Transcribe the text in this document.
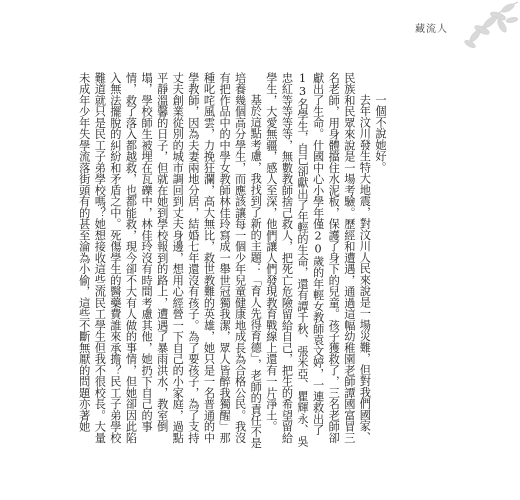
藏流人

一個不說她好。

去年汶川發生特大地震，對汶川人民來說是一場災難，但對我們國家、民族和民眾來說是一場考驗。歷經和遭遇，通過這幅幼稚園老師譚國富冒三名老師，用身體擋住水泥板，保護了身下的兒童。孩子獲救了，三名老師卻獻出了生命。什國中心小學年僅20歲的年輕女教師袁文婷，一連救出了13名學生，自己卻獻出了年輕的生命，還有譚千秋、張米亞、瞿輝永、吳忠紅等等等等，無數教師捨己救人，把死亡危險留給自己，把生的希望留給學生，大愛無疆，感人至深，他們讓人們發現教育戰線上還有一片淨土。

基於這點考慮，我找到了新的主題：「育人先得育德」，老師的責任不是培養幾個高分學生，而應該讓每一個少年兒童健康地成長為合格公民。我沒有把作品中的中學女教師林佳玲寫成一舉世冠獨我潔，眾人皆醉我獨醒」那種叱咤風雲，力挽狂瀾，高大無比，救世教難的英雄，她只是一名普通的中學教師，因為夫妻兩地分居，結婚七年還沒有孩子。為了要孩子，為了支持丈夫創業從別的城市調回到丈夫身邊，想用心經營一下自己的小家庭，過點平靜溫馨的日子，但就在她到學校報到的路上，遭遇了暴雨洪水，教室倒塌，學校師生被埋在瓦礫中，林佳玲沒有時間考慮其他，她扔下自己的事情，救了落入都越救，也都能救，現今卻不大有人做的事情，但她卻因此陷入無法擺脫的糾紛和矛盾之中。死傷學生的醫藥費誰來承擔？民工子弟學校難道就只是民工子弟學校嗎？她想接收這些流民工學生但我不很校長。大量未成年少年失學流落街頭有的甚至淪為小偷，這些不斷無厭的問題亦著她
